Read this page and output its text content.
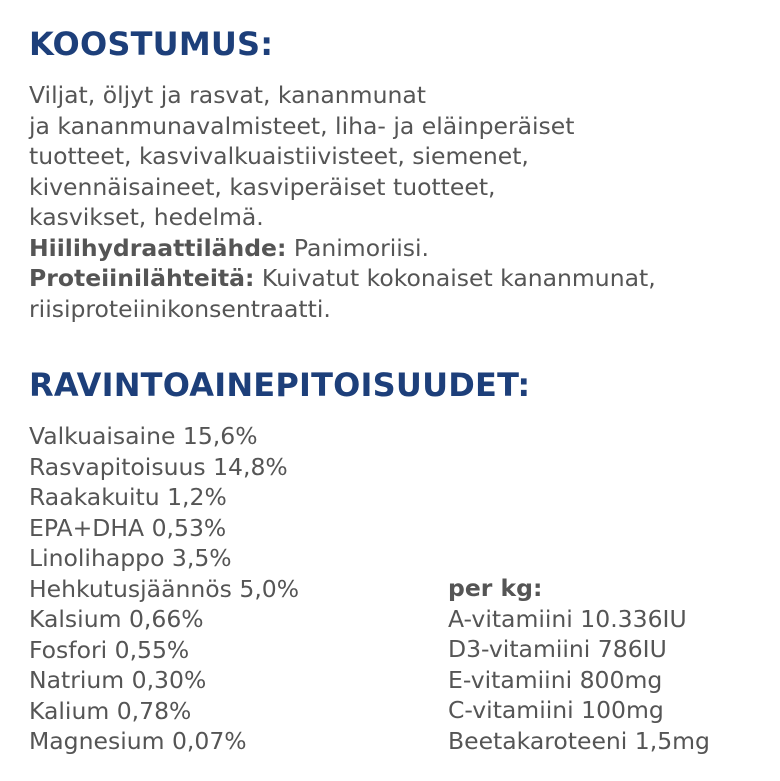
KOOSTUMUS:
Viljat, öljyt ja rasvat, kananmunat
ja kananmunavalmisteet, liha- ja eläinperäiset
tuotteet, kasvivalkuaistiivisteet, siemenet,
kivennäisaineet, kasviperäiset tuotteet,
kasvikset, hedelmä.
Hiilihydraattilähde: Panimoriisi.
Proteiinilähteitä: Kuivatut kokonaiset kananmunat,
riisiproteiinikonsentraatti.
RAVINTOAINEPITOISUUDET:
Valkuaisaine 15,6%
Rasvapitoisuus 14,8%
Raakakuitu 1,2%
EPA+DHA 0,53%
Linolihappo 3,5%
Hehkutusjäännös 5,0%
Kalsium 0,66%
Fosfori 0,55%
Natrium 0,30%
Kalium 0,78%
Magnesium 0,07%
per kg:
A-vitamiini 10.336IU
D3-vitamiini 786IU
E-vitamiini 800mg
C-vitamiini 100mg
Beetakaroteeni 1,5mg
